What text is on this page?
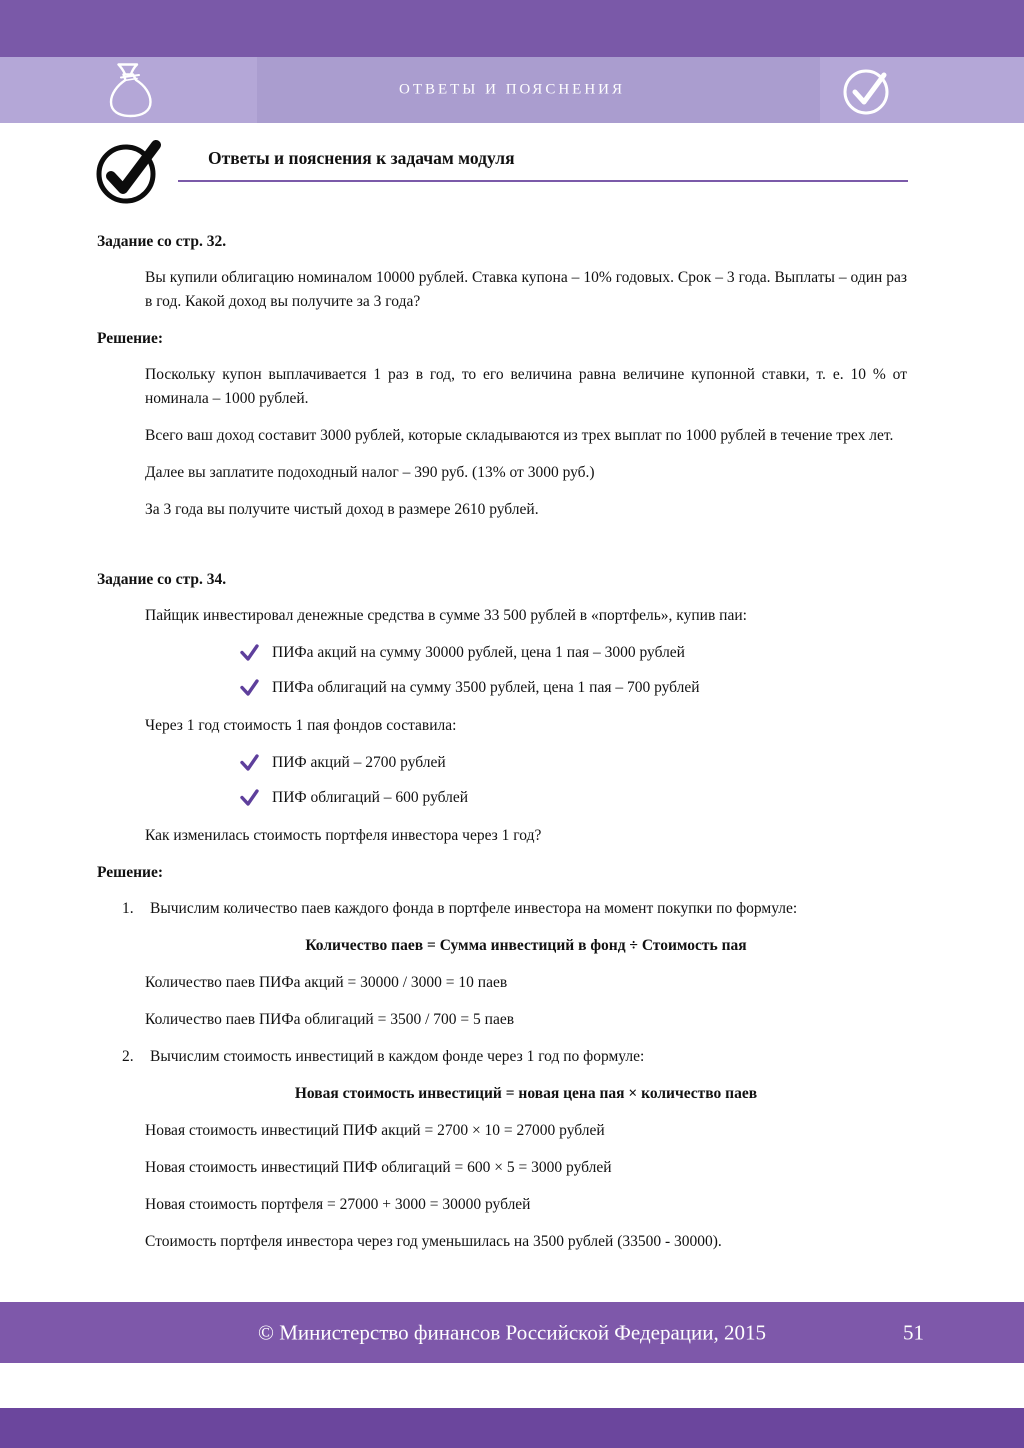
ОТВЕТЫ И ПОЯСНЕНИЯ
Ответы и пояснения к задачам модуля
Задание со стр. 32.

Вы купили облигацию номиналом 10000 рублей. Ставка купона – 10% годовых. Срок – 3 года. Выплаты – один раз в год. Какой доход вы получите за 3 года?

Решение:

Поскольку купон выплачивается 1 раз в год, то его величина равна величине купонной ставки, т. е. 10 % от номинала – 1000 рублей.

Всего ваш доход составит 3000 рублей, которые складываются из трех выплат по 1000 рублей в течение трех лет.

Далее вы заплатите подоходный налог – 390 руб. (13% от 3000 руб.)

За 3 года вы получите чистый доход в размере 2610 рублей.

Задание со стр. 34.

Пайщик инвестировал денежные средства в сумме 33 500 рублей в «портфель», купив паи:

ПИФа акций на сумму 30000 рублей, цена 1 пая – 3000 рублей
ПИФа облигаций на сумму 3500 рублей, цена 1 пая – 700 рублей

Через 1 год стоимость 1 пая фондов составила:

ПИФ акций – 2700 рублей
ПИФ облигаций – 600 рублей

Как изменилась стоимость портфеля инвестора через 1 год?

Решение:
1.	Вычислим количество паев каждого фонда в портфеле инвестора на момент покупки по формуле:

Количество паев = Сумма инвестиций в фонд ÷ Стоимость пая

Количество паев ПИФа акций = 30000 / 3000 = 10 паев

Количество паев ПИФа облигаций = 3500 / 700 = 5 паев

2.	Вычислим стоимость инвестиций в каждом фонде через 1 год по формуле:

Новая стоимость инвестиций = новая цена пая × количество паев

Новая стоимость инвестиций ПИФ акций = 2700 × 10 = 27000 рублей

Новая стоимость инвестиций ПИФ облигаций = 600 × 5 = 3000 рублей

Новая стоимость портфеля = 27000 + 3000 = 30000 рублей

Стоимость портфеля инвестора через год уменьшилась на 3500 рублей (33500 - 30000).

© Министерство финансов Российской Федерации, 2015	51
